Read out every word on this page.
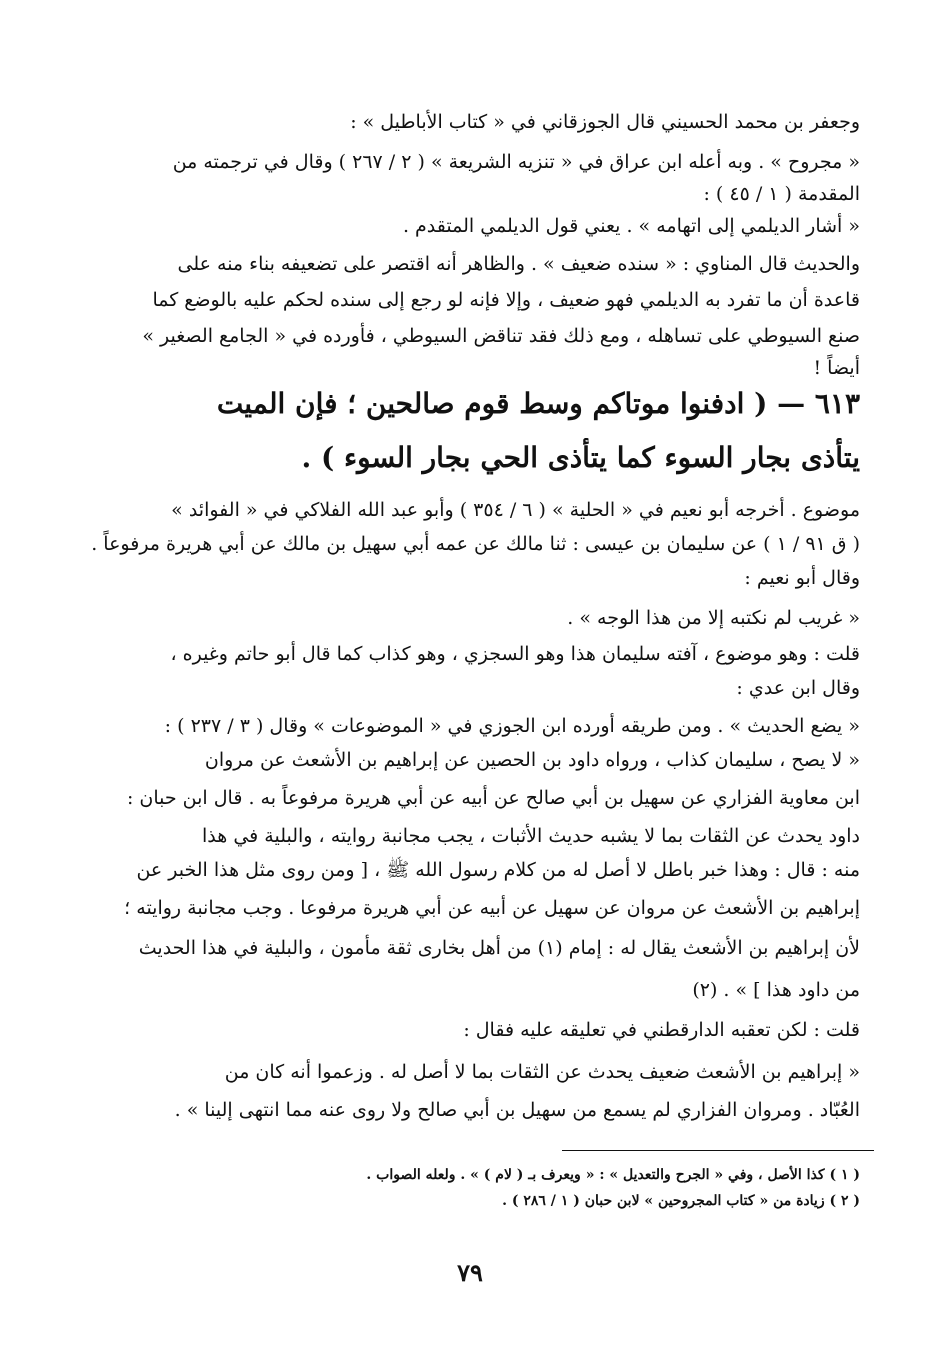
وجعفر بن محمد الحسيني قال الجوزقاني في « كتاب الأباطيل » :
« مجروح » . وبه أعله ابن عراق في « تنزيه الشريعة » ( ٢ / ٢٦٧ ) وقال في ترجمته من
المقدمة ( ١ / ٤٥ ) :
« أشار الديلمي إلى اتهامه » . يعني قول الديلمي المتقدم .
والحديث قال المناوي : « سنده ضعيف » . والظاهر أنه اقتصر على تضعيفه بناء منه على
قاعدة أن ما تفرد به الديلمي فهو ضعيف ، وإلا فإنه لو رجع إلى سنده لحكم عليه بالوضع كما
صنع السيوطي على تساهله ، ومع ذلك فقد تناقض السيوطي ، فأورده في « الجامع الصغير »
أيضاً !
٦١٣ — ( ادفنوا موتاكم وسط قوم صالحين ؛ فإن الميت
يتأذى بجار السوء كما يتأذى الحي بجار السوء ) .
موضوع . أخرجه أبو نعيم في « الحلية » ( ٦ / ٣٥٤ ) وأبو عبد الله الفلاكي في « الفوائد »
( ق ٩١ / ١ ) عن سليمان بن عيسى : ثنا مالك عن عمه أبي سهيل بن مالك عن أبي هريرة مرفوعاً .
وقال أبو نعيم :
« غريب لم نكتبه إلا من هذا الوجه » .
قلت : وهو موضوع ، آفته سليمان هذا وهو السجزي ، وهو كذاب كما قال أبو حاتم وغيره ،
وقال ابن عدي :
« يضع الحديث » . ومن طريقه أورده ابن الجوزي في « الموضوعات » وقال ( ٣ / ٢٣٧ ) :
« لا يصح ، سليمان كذاب ، ورواه داود بن الحصين عن إبراهيم بن الأشعث عن مروان
ابن معاوية الفزاري عن سهيل بن أبي صالح عن أبيه عن أبي هريرة مرفوعاً به . قال ابن حبان :
داود يحدث عن الثقات بما لا يشبه حديث الأثبات ، يجب مجانبة روايته ، والبلية في هذا
منه : قال : وهذا خبر باطل لا أصل له من كلام رسول الله ﷺ ، [ ومن روى مثل هذا الخبر عن
إبراهيم بن الأشعث عن مروان عن سهيل عن أبيه عن أبي هريرة مرفوعا . وجب مجانبة روايته ؛
لأن إبراهيم بن الأشعث يقال له : إمام (١) من أهل بخارى ثقة مأمون ، والبلية في هذا الحديث
من داود هذا ] » . (٢)
قلت : لكن تعقبه الدارقطني في تعليقه عليه فقال :
« إبراهيم بن الأشعث ضعيف يحدث عن الثقات بما لا أصل له . وزعموا أنه كان من
العُبّاد . ومروان الفزاري لم يسمع من سهيل بن أبي صالح ولا روى عنه مما انتهى إلينا » .
( ١ ) كذا الأصل ، وفي « الجرح والتعديل » : « ويعرف بـ ( لام ) » . ولعله الصواب .
( ٢ ) زيادة من « كتاب المجروحين » لابن حبان ( ١ / ٢٨٦ ) .
٧٩
